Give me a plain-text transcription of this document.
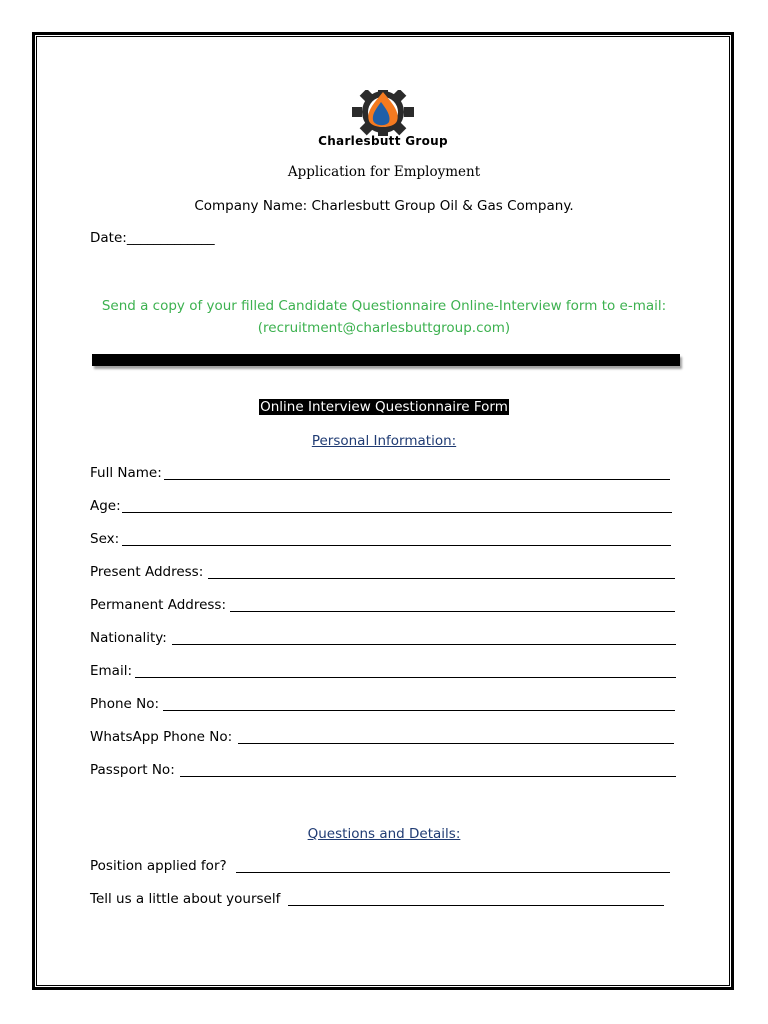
Charlesbutt Group
Application for Employment
Company Name: Charlesbutt Group Oil & Gas Company.
Date:_____________
Send a copy of your filled Candidate Questionnaire Online-Interview form to e-mail:
(recruitment@charlesbuttgroup.com)
Online Interview Questionnaire Form
Personal Information:
Full Name:
Age:
Sex:
Present Address:
Permanent Address:
Nationality:
Email:
Phone No:
WhatsApp Phone No:
Passport No:
Questions and Details:
Position applied for?
Tell us a little about yourself
